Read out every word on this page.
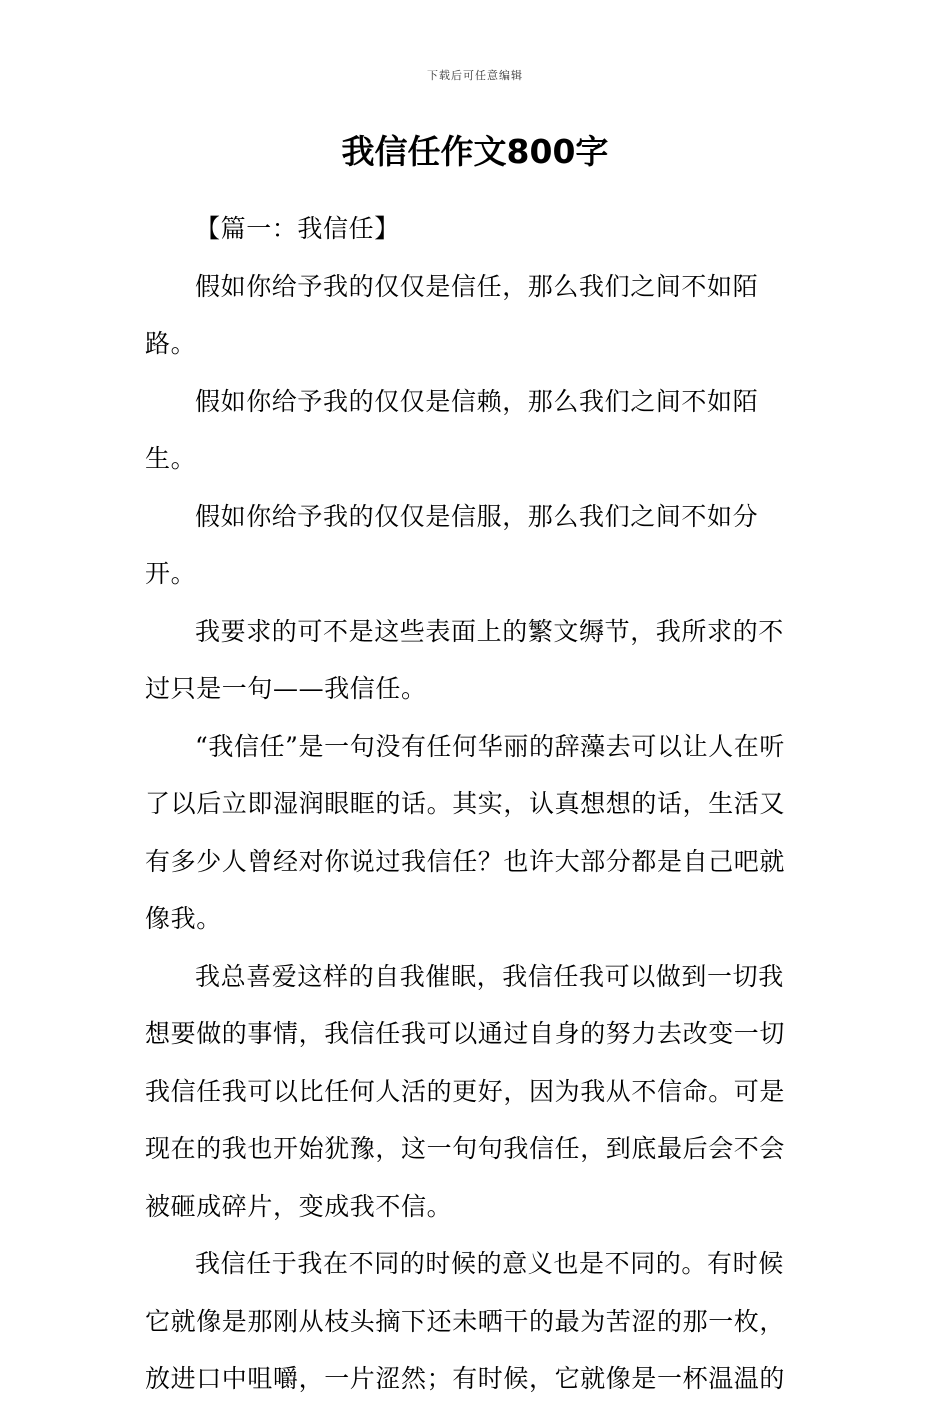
下载后可任意编辑
我信任作文800字

【篇一：我信任】

假如你给予我的仅仅是信任，那么我们之间不如陌路。

假如你给予我的仅仅是信赖，那么我们之间不如陌生。

假如你给予我的仅仅是信服，那么我们之间不如分开。

我要求的可不是这些表面上的繁文缛节，我所求的不过只是一句——我信任。

“我信任”是一句没有任何华丽的辞藻去可以让人在听了以后立即湿润眼眶的话。其实，认真想想的话，生活又有多少人曾经对你说过我信任？也许大部分都是自己吧就像我。

我总喜爱这样的自我催眠，我信任我可以做到一切我想要做的事情，我信任我可以通过自身的努力去改变一切我信任我可以比任何人活的更好，因为我从不信命。可是现在的我也开始犹豫，这一句句我信任，到底最后会不会被砸成碎片，变成我不信。

我信任于我在不同的时候的意义也是不同的。有时候它就像是那刚从枝头摘下还未晒干的最为苦涩的那一枚，放进口中咀嚼，一片涩然；有时候，它就像是一杯温温的
